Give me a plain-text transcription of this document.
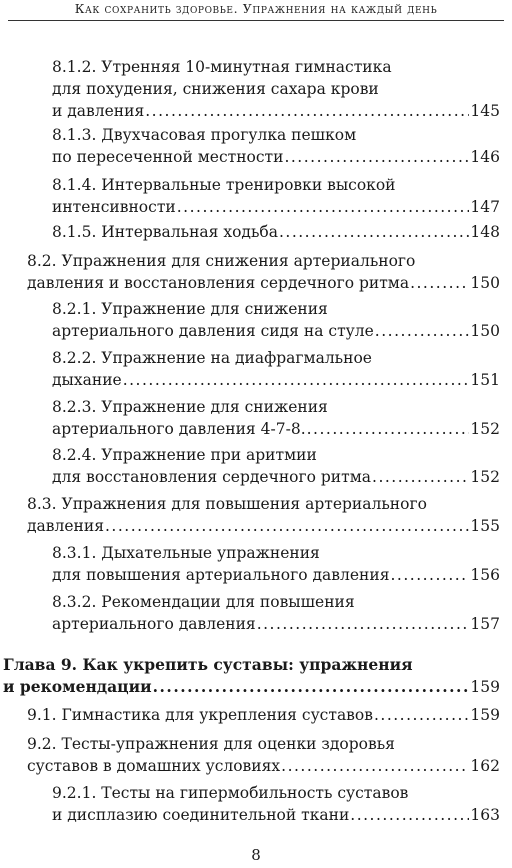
Как сохранить здоровье. Упражнения на каждый день
8.1.2. Утренняя 10-минутная гимнастика
для похудения, снижения сахара крови
и давления .....	145
8.1.3. Двухчасовая прогулка пешком
по пересеченной местности .....	146
8.1.4. Интервальные тренировки высокой
интенсивности .....	147
8.1.5. Интервальная ходьба .....	148
8.2. Упражнения для снижения артериального
давления и восстановления сердечного ритма .....	150
8.2.1. Упражнение для снижения
артериального давления сидя на стуле .....	150
8.2.2. Упражнение на диафрагмальное
дыхание .....	151
8.2.3. Упражнение для снижения
артериального давления 4-7-8. .....	152
8.2.4. Упражнение при аритмии
для восстановления сердечного ритма .....	152
8.3. Упражнения для повышения артериального
давления .....	155
8.3.1. Дыхательные упражнения
для повышения артериального давления .....	156
8.3.2. Рекомендации для повышения
артериального давления .....	157
Глава 9. Как укрепить суставы: упражнения
и рекомендации .....	159
9.1. Гимнастика для укрепления суставов .....	159
9.2. Тесты-упражнения для оценки здоровья
суставов в домашних условиях .....	162
9.2.1. Тесты на гипермобильность суставов
и дисплазию соединительной ткани .....	163
8
